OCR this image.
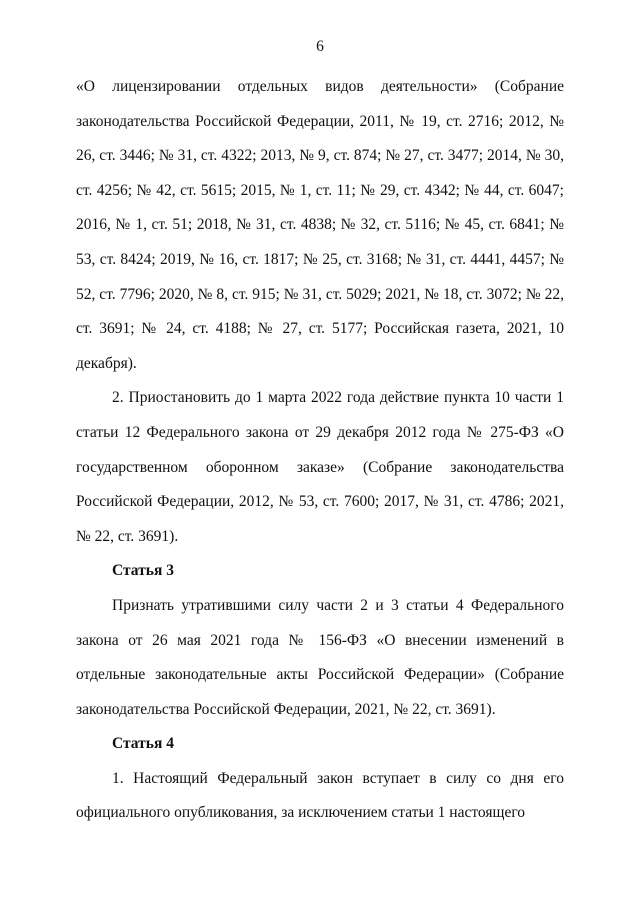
6

«О лицензировании отдельных видов деятельности» (Собрание законодательства Российской Федерации, 2011, № 19, ст. 2716; 2012, № 26, ст. 3446; № 31, ст. 4322; 2013, № 9, ст. 874; № 27, ст. 3477; 2014, № 30, ст. 4256; № 42, ст. 5615; 2015, № 1, ст. 11; № 29, ст. 4342; № 44, ст. 6047; 2016, № 1, ст. 51; 2018, № 31, ст. 4838; № 32, ст. 5116; № 45, ст. 6841; № 53, ст. 8424; 2019, № 16, ст. 1817; № 25, ст. 3168; № 31, ст. 4441, 4457; № 52, ст. 7796; 2020, № 8, ст. 915; № 31, ст. 5029; 2021, № 18, ст. 3072; № 22, ст. 3691; № 24, ст. 4188; № 27, ст. 5177; Российская газета, 2021, 10 декабря).

2. Приостановить до 1 марта 2022 года действие пункта 10 части 1 статьи 12 Федерального закона от 29 декабря 2012 года № 275-ФЗ «О государственном оборонном заказе» (Собрание законодательства Российской Федерации, 2012, № 53, ст. 7600; 2017, № 31, ст. 4786; 2021, № 22, ст. 3691).

Статья 3

Признать утратившими силу части 2 и 3 статьи 4 Федерального закона от 26 мая 2021 года № 156-ФЗ «О внесении изменений в отдельные законодательные акты Российской Федерации» (Собрание законодательства Российской Федерации, 2021, № 22, ст. 3691).

Статья 4

1. Настоящий Федеральный закон вступает в силу со дня его официального опубликования, за исключением статьи 1 настоящего
